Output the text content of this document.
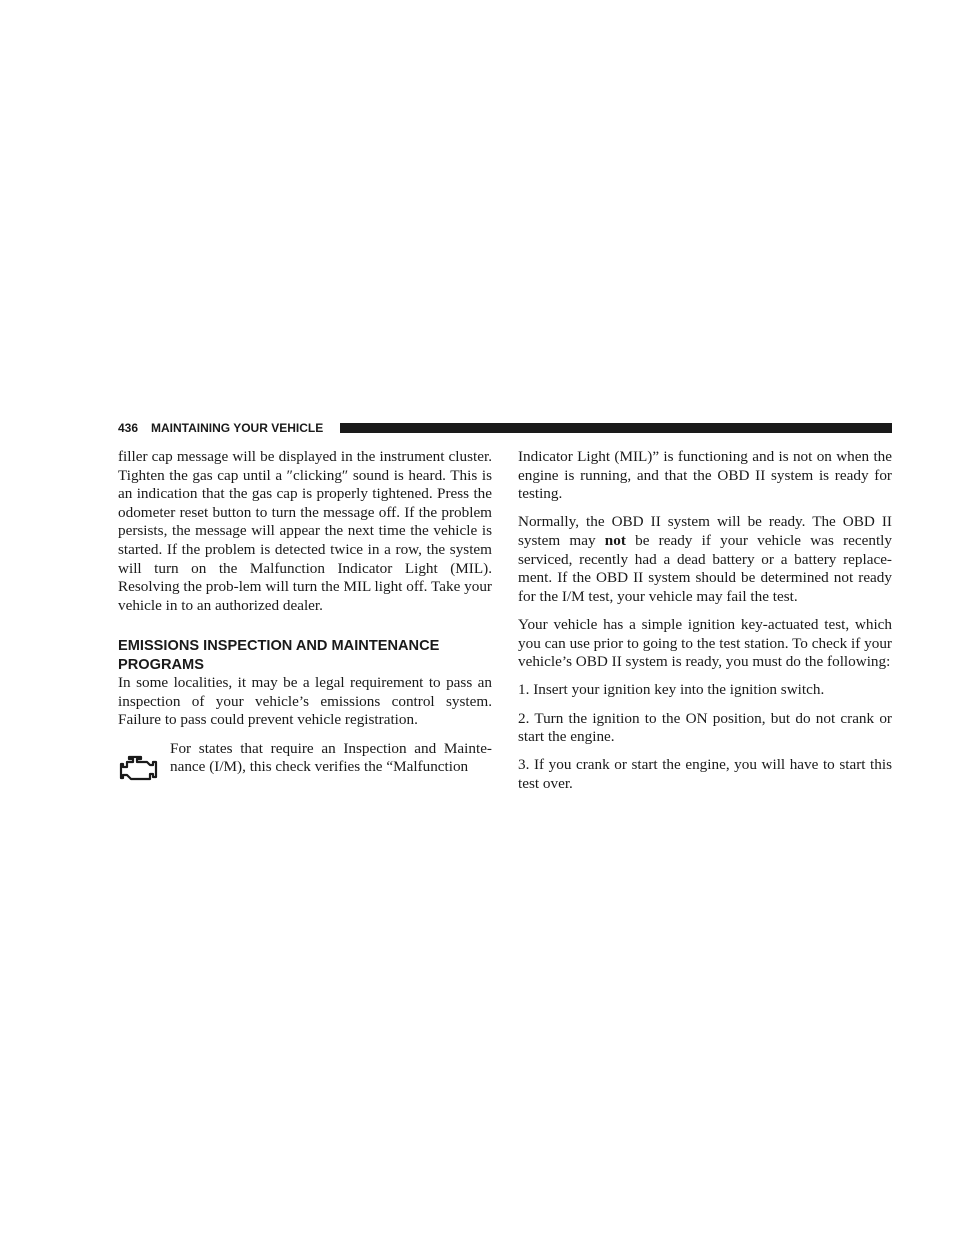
436 MAINTAINING YOUR VEHICLE

filler cap message will be displayed in the instrument cluster. Tighten the gas cap until a ″clicking″ sound is heard. This is an indication that the gas cap is properly tightened. Press the odometer reset button to turn the message off. If the problem persists, the message will appear the next time the vehicle is started. If the problem is detected twice in a row, the system will turn on the Malfunction Indicator Light (MIL). Resolving the prob-lem will turn the MIL light off. Take your vehicle in to an authorized dealer.

EMISSIONS INSPECTION AND MAINTENANCE PROGRAMS

In some localities, it may be a legal requirement to pass an inspection of your vehicle’s emissions control system. Failure to pass could prevent vehicle registration.

For states that require an Inspection and Mainte-nance (I/M), this check verifies the “Malfunction

Indicator Light (MIL)” is functioning and is not on when the engine is running, and that the OBD II system is ready for testing.

Normally, the OBD II system will be ready. The OBD II system may not be ready if your vehicle was recently serviced, recently had a dead battery or a battery replace-ment. If the OBD II system should be determined not ready for the I/M test, your vehicle may fail the test.

Your vehicle has a simple ignition key-actuated test, which you can use prior to going to the test station. To check if your vehicle’s OBD II system is ready, you must do the following:

1. Insert your ignition key into the ignition switch.

2. Turn the ignition to the ON position, but do not crank or start the engine.

3. If you crank or start the engine, you will have to start this test over.
